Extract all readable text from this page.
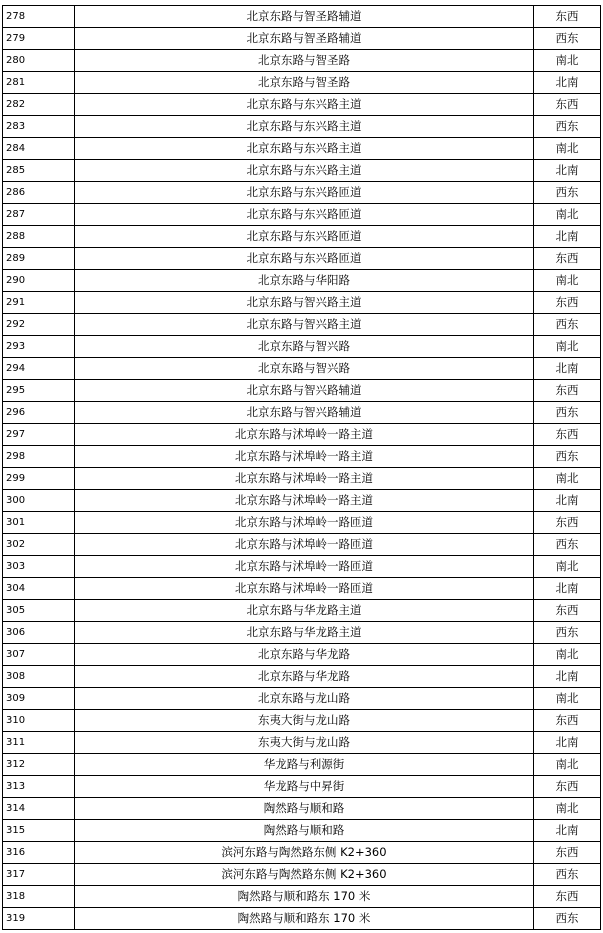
278	北京东路与智圣路辅道	东西
279	北京东路与智圣路辅道	西东
280	北京东路与智圣路	南北
281	北京东路与智圣路	北南
282	北京东路与东兴路主道	东西
283	北京东路与东兴路主道	西东
284	北京东路与东兴路主道	南北
285	北京东路与东兴路主道	北南
286	北京东路与东兴路匝道	西东
287	北京东路与东兴路匝道	南北
288	北京东路与东兴路匝道	北南
289	北京东路与东兴路匝道	东西
290	北京东路与华阳路	南北
291	北京东路与智兴路主道	东西
292	北京东路与智兴路主道	西东
293	北京东路与智兴路	南北
294	北京东路与智兴路	北南
295	北京东路与智兴路辅道	东西
296	北京东路与智兴路辅道	西东
297	北京东路与沭埠岭一路主道	东西
298	北京东路与沭埠岭一路主道	西东
299	北京东路与沭埠岭一路主道	南北
300	北京东路与沭埠岭一路主道	北南
301	北京东路与沭埠岭一路匝道	东西
302	北京东路与沭埠岭一路匝道	西东
303	北京东路与沭埠岭一路匝道	南北
304	北京东路与沭埠岭一路匝道	北南
305	北京东路与华龙路主道	东西
306	北京东路与华龙路主道	西东
307	北京东路与华龙路	南北
308	北京东路与华龙路	北南
309	北京东路与龙山路	南北
310	东夷大街与龙山路	东西
311	东夷大街与龙山路	北南
312	华龙路与利源街	南北
313	华龙路与中昇街	东西
314	陶然路与顺和路	南北
315	陶然路与顺和路	北南
316	滨河东路与陶然路东侧 K2+360	东西
317	滨河东路与陶然路东侧 K2+360	西东
318	陶然路与顺和路东 170 米	东西
319	陶然路与顺和路东 170 米	西东
